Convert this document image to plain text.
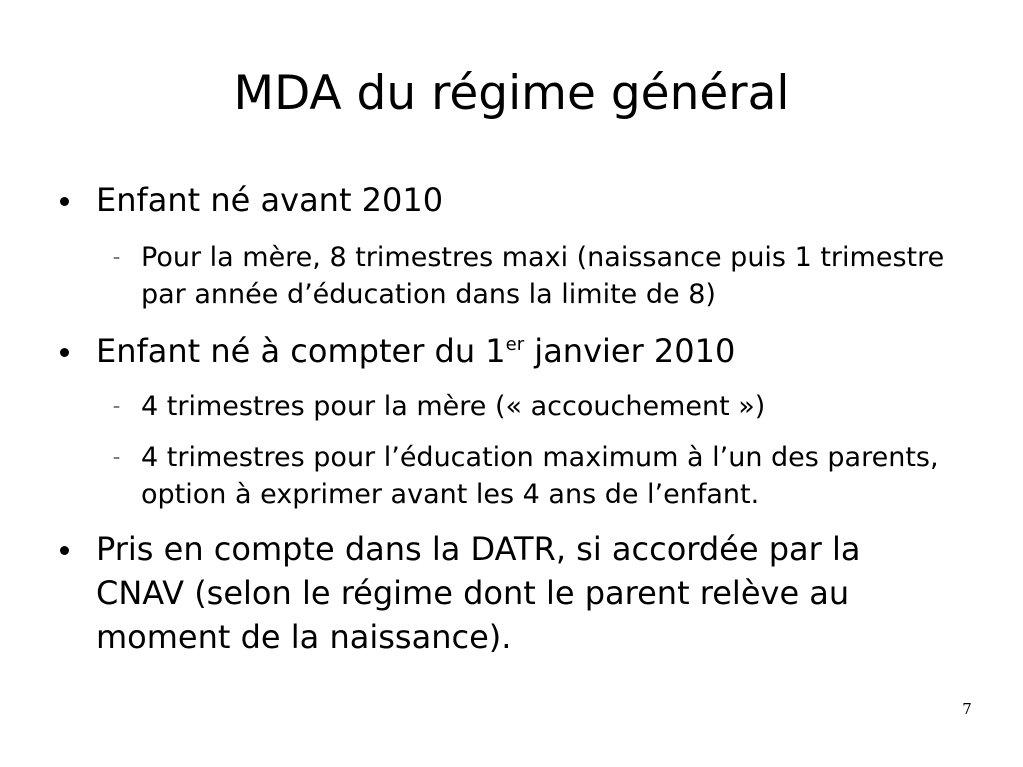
MDA du régime général
Enfant né avant 2010
– Pour la mère, 8 trimestres maxi (naissance puis 1 trimestre par année d’éducation dans la limite de 8)
Enfant né à compter du 1er janvier 2010
– 4 trimestres pour la mère (« accouchement »)
– 4 trimestres pour l’éducation maximum à l’un des parents, option à exprimer avant les 4 ans de l’enfant.
Pris en compte dans la DATR, si accordée par la CNAV (selon le régime dont le parent relève au moment de la naissance).
7
